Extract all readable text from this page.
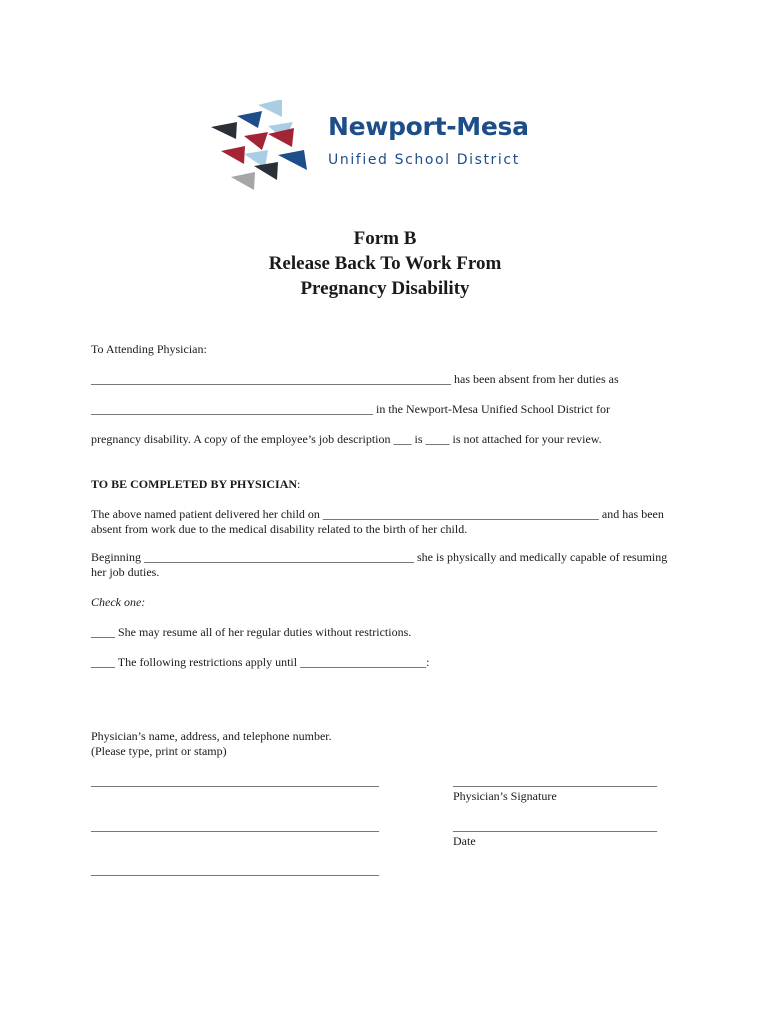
Newport-Mesa
Unified School District
Form B
Release Back To Work From
Pregnancy Disability
To Attending Physician:
____________________________________________________________ has been absent from her duties as
_______________________________________________ in the Newport-Mesa Unified School District for
pregnancy disability. A copy of the employee’s job description ___ is ____ is not attached for your review.
TO BE COMPLETED BY PHYSICIAN:
The above named patient delivered her child on ______________________________________________ and has been absent from work due to the medical disability related to the birth of her child.
Beginning _____________________________________________ she is physically and medically capable of resuming her job duties.
Check one:
____ She may resume all of her regular duties without restrictions.
____ The following restrictions apply until _____________________:
Physician’s name, address, and telephone number.
(Please type, print or stamp)
________________________________________________	__________________________________
Physician’s Signature
________________________________________________	__________________________________
Date
________________________________________________
